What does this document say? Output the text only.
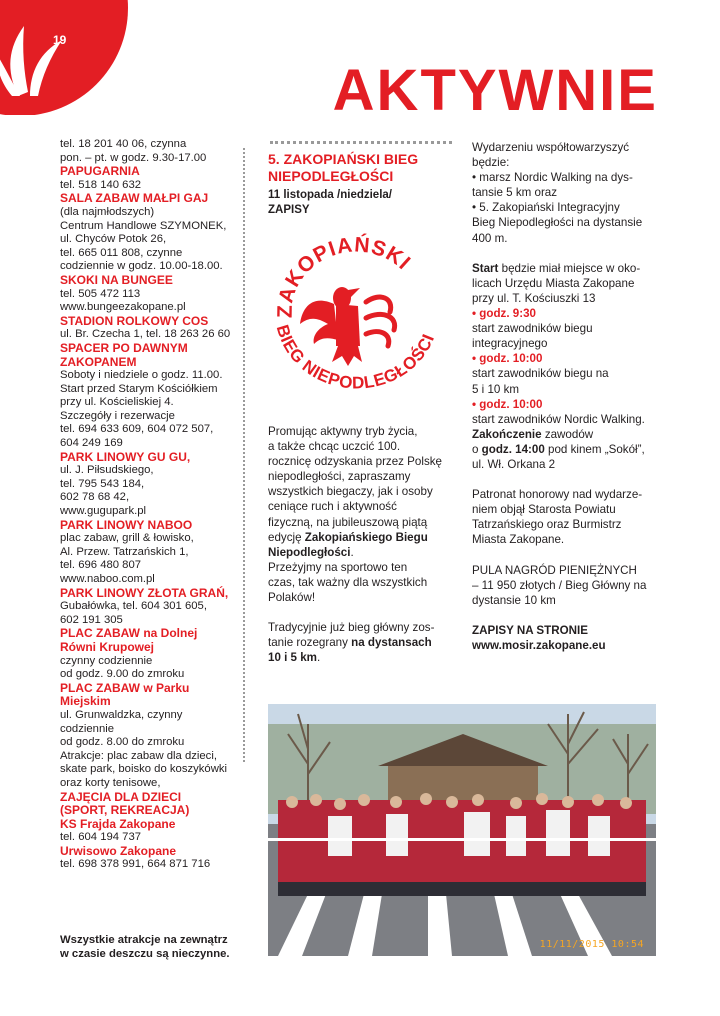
19
AKTYWNIE
tel. 18 201 40 06, czynna
pon. – pt. w godz. 9.30-17.00
PAPUGARNIA
tel. 518 140 632
SALA ZABAW MAŁPI GAJ
(dla najmłodszych)
Centrum Handlowe SZYMONEK,
ul. Chyców Potok 26,
tel. 665 011 808, czynne
codziennie w godz. 10.00-18.00.
SKOKI NA BUNGEE
tel. 505 472 113
www.bungeezakopane.pl
STADION ROLKOWY COS
ul. Br. Czecha 1, tel. 18 263 26 60
SPACER PO DAWNYM
ZAKOPANEM
Soboty i niedziele o godz. 11.00.
Start przed Starym Kościółkiem
przy ul. Kościeliskiej 4.
Szczegóły i rezerwacje
tel. 694 633 609, 604 072 507,
604 249 169
PARK LINOWY GU GU,
ul. J. Piłsudskiego,
tel. 795 543 184,
602 78 68 42,
www.gugupark.pl
PARK LINOWY NABOO
plac zabaw, grill & łowisko,
Al. Przew. Tatrzańskich 1,
tel. 696 480 807
www.naboo.com.pl
PARK LINOWY ZŁOTA GRAŃ,
Gubałówka, tel. 604 301 605,
602 191 305
PLAC ZABAW na Dolnej
Równi Krupowej
czynny codziennie
od godz. 9.00 do zmroku
PLAC ZABAW w Parku
Miejskim
ul. Grunwaldzka, czynny
codziennie
od godz. 8.00 do zmroku
Atrakcje: plac zabaw dla dzieci,
skate park, boisko do koszykówki
oraz korty tenisowe,
ZAJĘCIA DLA DZIECI
(SPORT, REKREACJA)
KS Frajda Zakopane
tel. 604 194 737
Urwisowo Zakopane
tel. 698 378 991, 664 871 716
5. ZAKOPIAŃSKI BIEG
NIEPODLEGŁOŚCI
11 listopada /niedziela/
ZAPISY
ZAKOPIAŃSKI
BIEG NIEPODLEGŁOŚCI
Promując aktywny tryb życia,
a także chcąc uczcić 100.
rocznicę odzyskania przez Polskę
niepodległości, zapraszamy
wszystkich biegaczy, jak i osoby
ceniące ruch i aktywność
fizyczną, na jubileuszową piątą
edycję Zakopiańskiego Biegu
Niepodległości.
Przeżyjmy na sportowo ten
czas, tak ważny dla wszystkich
Polaków!
Tradycyjnie już bieg główny zos-
tanie rozegrany na dystansach
10 i 5 km.
Wydarzeniu współtowarzyszyć
będzie:
• marsz Nordic Walking na dys-
tansie 5 km oraz
• 5. Zakopiański Integracyjny
Bieg Niepodległości na dystansie
400 m.
Start będzie miał miejsce w oko-
licach Urzędu Miasta Zakopane
przy ul. T. Kościuszki 13
• godz. 9:30
start zawodników biegu
integracyjnego
• godz. 10:00
start zawodników biegu na
5 i 10 km
• godz. 10:00
start zawodników Nordic Walking.
Zakończenie zawodów
o godz. 14:00 pod kinem „Sokół”,
ul. Wł. Orkana 2
Patronat honorowy nad wydarze-
niem objął Starosta Powiatu
Tatrzańskiego oraz Burmistrz
Miasta Zakopane.
PULA NAGRÓD PIENIĘŻNYCH
– 11 950 złotych / Bieg Główny na
dystansie 10 km
ZAPISY NA STRONIE
www.mosir.zakopane.eu
Wszystkie atrakcje na zewnątrz
w czasie deszczu są nieczynne.
11/11/2015 10:54
